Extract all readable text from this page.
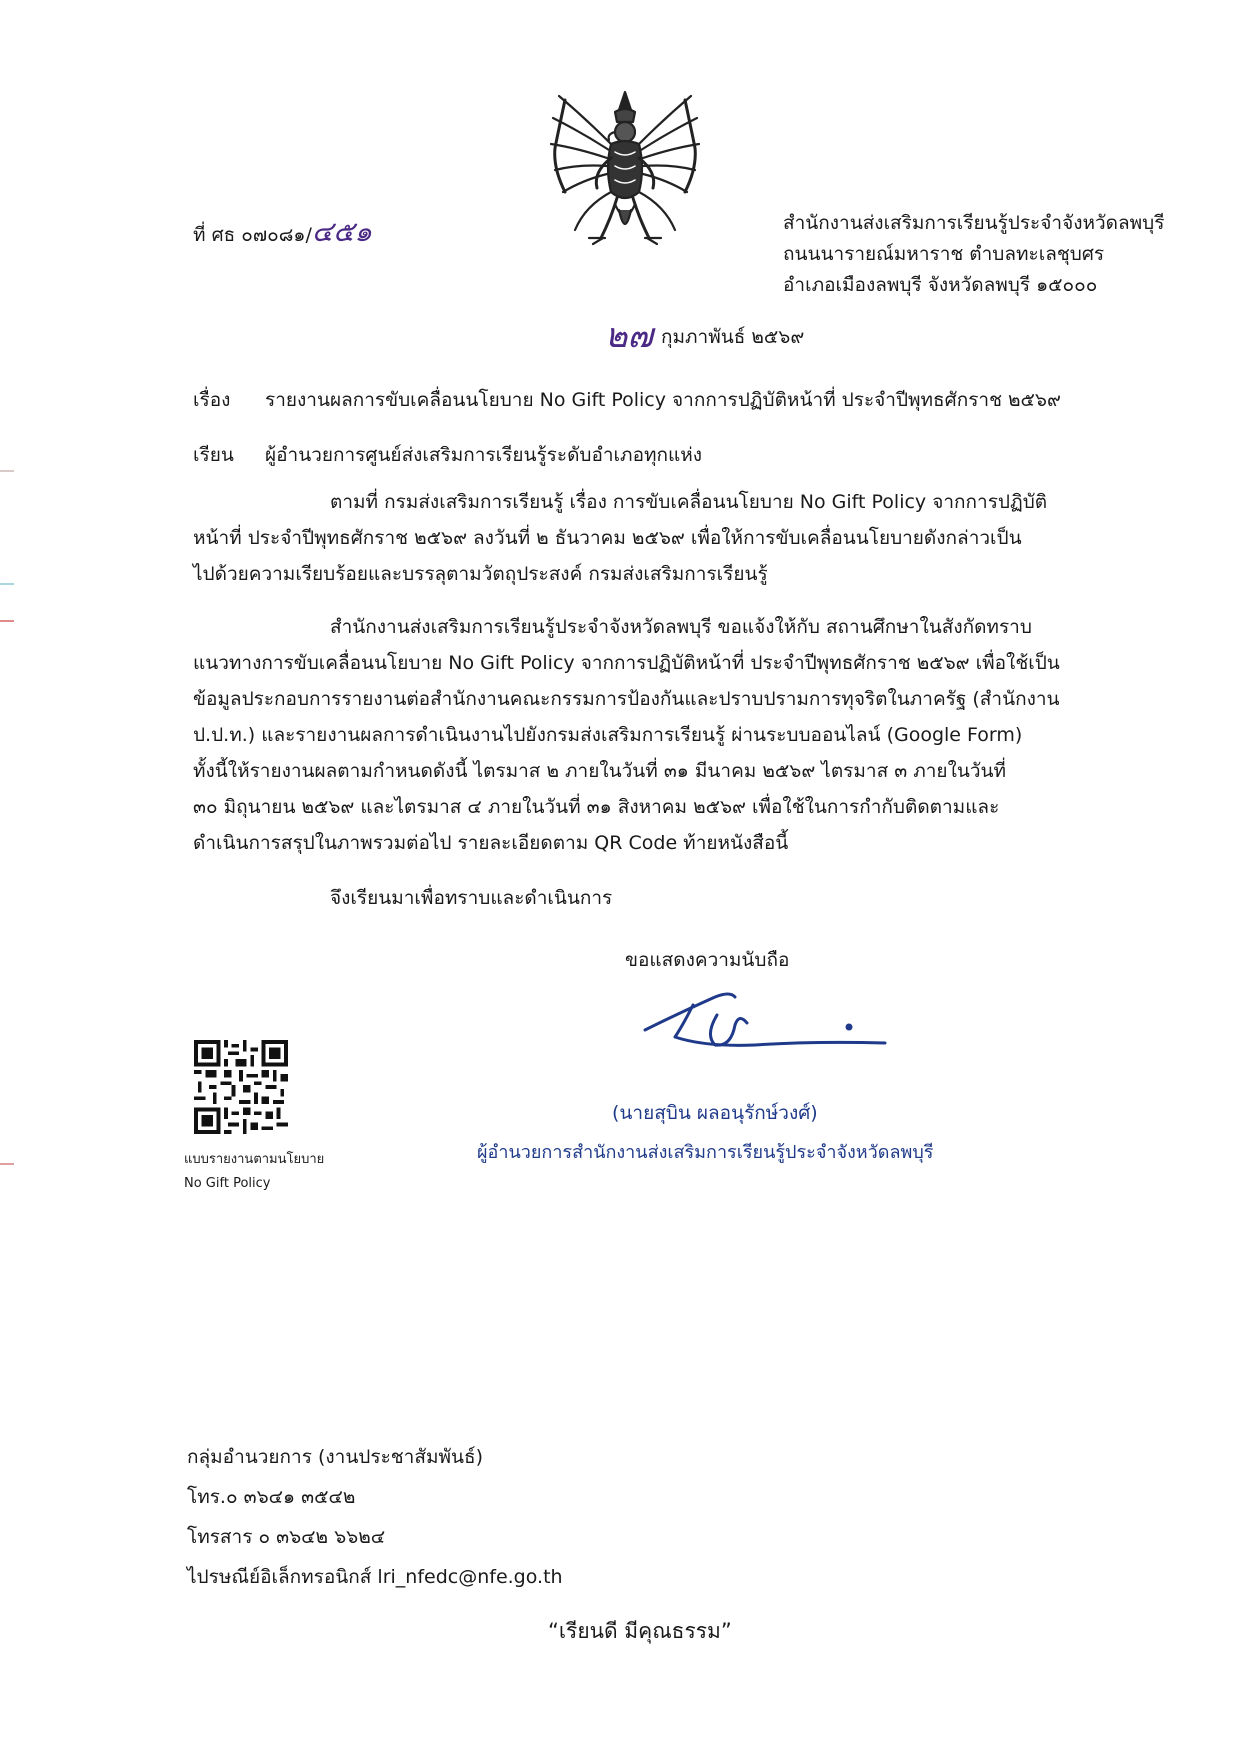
ที่ ศธ ๐๗๐๘๑/๔๕๑	สำนักงานส่งเสริมการเรียนรู้ประจำจังหวัดลพบุรี
ถนนนารายณ์มหาราช ตำบลทะเลชุบศร
อำเภอเมืองลพบุรี จังหวัดลพบุรี ๑๕๐๐๐
๒๗ กุมภาพันธ์ ๒๕๖๙
เรื่อง รายงานผลการขับเคลื่อนนโยบาย No Gift Policy จากการปฏิบัติหน้าที่ ประจำปีพุทธศักราช ๒๕๖๙
เรียน ผู้อำนวยการศูนย์ส่งเสริมการเรียนรู้ระดับอำเภอทุกแห่ง
ตามที่ กรมส่งเสริมการเรียนรู้ เรื่อง การขับเคลื่อนนโยบาย No Gift Policy จากการปฏิบัติ
หน้าที่ ประจำปีพุทธศักราช ๒๕๖๙ ลงวันที่ ๒ ธันวาคม ๒๕๖๙ เพื่อให้การขับเคลื่อนนโยบายดังกล่าวเป็น
ไปด้วยความเรียบร้อยและบรรลุตามวัตถุประสงค์ กรมส่งเสริมการเรียนรู้
สำนักงานส่งเสริมการเรียนรู้ประจำจังหวัดลพบุรี ขอแจ้งให้กับ สถานศึกษาในสังกัดทราบ
แนวทางการขับเคลื่อนนโยบาย No Gift Policy จากการปฏิบัติหน้าที่ ประจำปีพุทธศักราช ๒๕๖๙ เพื่อใช้เป็น
ข้อมูลประกอบการรายงานต่อสำนักงานคณะกรรมการป้องกันและปราบปรามการทุจริตในภาครัฐ (สำนักงาน
ป.ป.ท.) และรายงานผลการดำเนินงานไปยังกรมส่งเสริมการเรียนรู้ ผ่านระบบออนไลน์ (Google Form)
ทั้งนี้ให้รายงานผลตามกำหนดดังนี้ ไตรมาส ๒ ภายในวันที่ ๓๑ มีนาคม ๒๕๖๙ ไตรมาส ๓ ภายในวันที่
๓๐ มิถุนายน ๒๕๖๙ และไตรมาส ๔ ภายในวันที่ ๓๑ สิงหาคม ๒๕๖๙ เพื่อใช้ในการกำกับติดตามและ
ดำเนินการสรุปในภาพรวมต่อไป รายละเอียดตาม QR Code ท้ายหนังสือนี้
จึงเรียนมาเพื่อทราบและดำเนินการ
ขอแสดงความนับถือ
(นายสุบิน ผลอนุรักษ์วงศ์)
ผู้อำนวยการสำนักงานส่งเสริมการเรียนรู้ประจำจังหวัดลพบุรี
แบบรายงานตามนโยบาย
No Gift Policy
กลุ่มอำนวยการ (งานประชาสัมพันธ์)
โทร.๐ ๓๖๔๑ ๓๕๔๒
โทรสาร ๐ ๓๖๔๒ ๖๖๒๔
ไปรษณีย์อิเล็กทรอนิกส์ lri_nfedc@nfe.go.th
“เรียนดี มีคุณธรรม”
